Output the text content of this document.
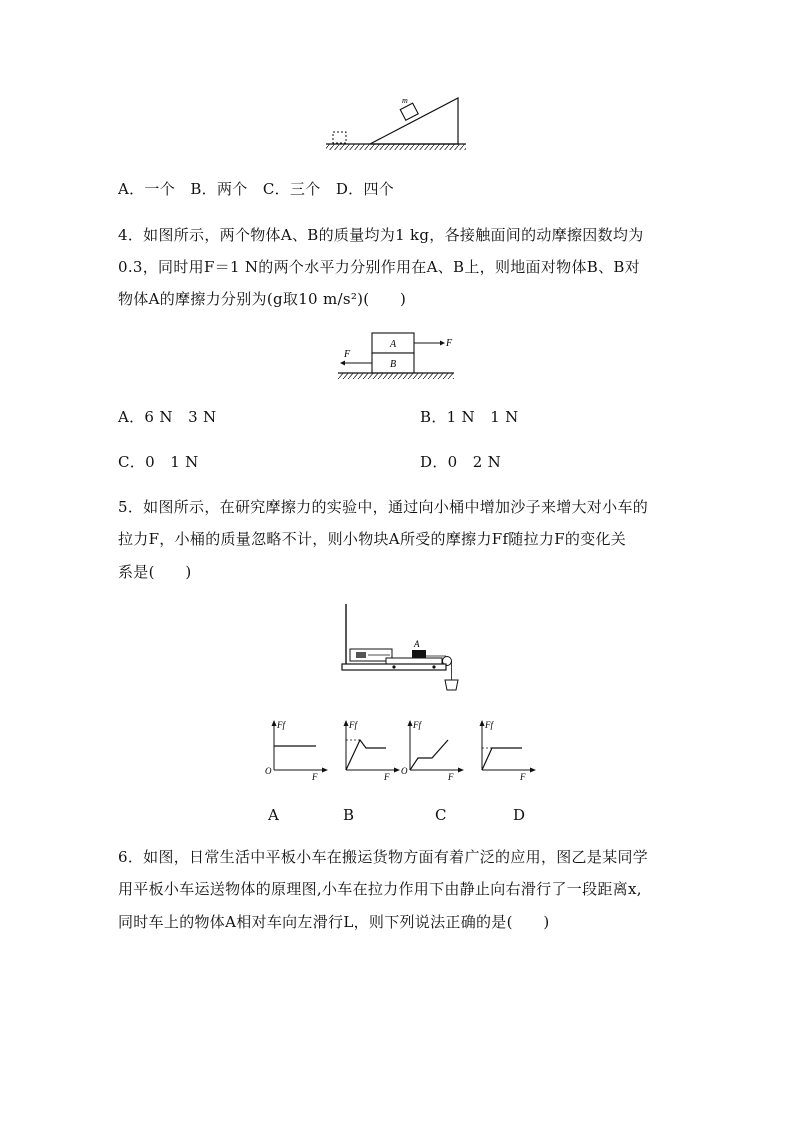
m
A．一个　B．两个　C．三个　D．四个
4．如图所示，两个物体A、B的质量均为1 kg，各接触面间的动摩擦因数均为
0.3，同时用F＝1 N的两个水平力分别作用在A、B上，则地面对物体B、B对
物体A的摩擦力分别为(g取10 m/s²)(　　)
A
B
F
F
A．6 N　3 N	B．1 N　1 N
C．0　1 N	D．0　2 N
5．如图所示，在研究摩擦力的实验中，通过向小桶中增加沙子来增大对小车的
拉力F，小桶的质量忽略不计，则小物块A所受的摩擦力Ff随拉力F的变化关
系是(　　)
A
Ff
F
O
Ff
F
Ff
F
O
Ff
F
A	B	C	D
6．如图，日常生活中平板小车在搬运货物方面有着广泛的应用，图乙是某同学
用平板小车运送物体的原理图,小车在拉力作用下由静止向右滑行了一段距离x,
同时车上的物体A相对车向左滑行L，则下列说法正确的是(　　)
